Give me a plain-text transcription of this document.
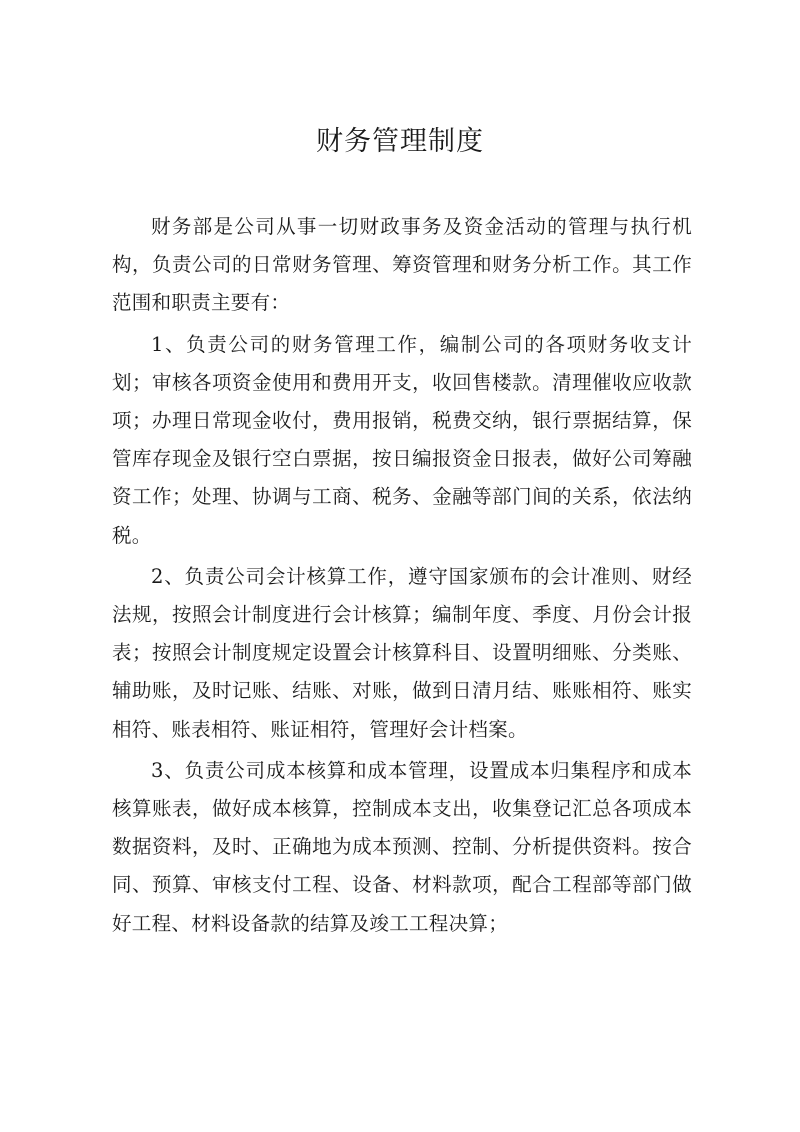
财务管理制度

财务部是公司从事一切财政事务及资金活动的管理与执行机构，负责公司的日常财务管理、筹资管理和财务分析工作。其工作范围和职责主要有：

1、负责公司的财务管理工作，编制公司的各项财务收支计划；审核各项资金使用和费用开支，收回售楼款。清理催收应收款项；办理日常现金收付，费用报销，税费交纳，银行票据结算，保管库存现金及银行空白票据，按日编报资金日报表，做好公司筹融资工作；处理、协调与工商、税务、金融等部门间的关系，依法纳税。

2、负责公司会计核算工作，遵守国家颁布的会计准则、财经法规，按照会计制度进行会计核算；编制年度、季度、月份会计报表；按照会计制度规定设置会计核算科目、设置明细账、分类账、辅助账，及时记账、结账、对账，做到日清月结、账账相符、账实相符、账表相符、账证相符，管理好会计档案。

3、负责公司成本核算和成本管理，设置成本归集程序和成本核算账表，做好成本核算，控制成本支出，收集登记汇总各项成本数据资料，及时、正确地为成本预测、控制、分析提供资料。按合同、预算、审核支付工程、设备、材料款项，配合工程部等部门做好工程、材料设备款的结算及竣工工程决算；
